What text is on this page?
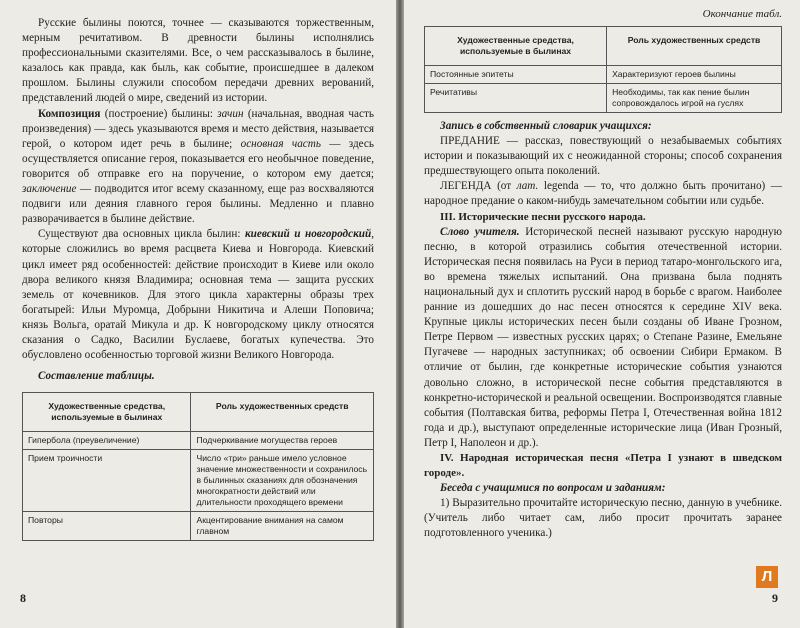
Русские былины поются, точнее — сказываются торжественным, мерным речитативом. В древности былины исполнялись профессиональными сказителями. Все, о чем рассказывалось в былине, казалось как правда, как быль, как событие, происшедшее в далеком прошлом. Былины служили способом передачи древних верований, представлений людей о мире, сведений из истории.

Композиция (построение) былины: зачин (начальная, вводная часть произведения) — здесь указываются время и место действия, называется герой, о котором идет речь в былине; основная часть — здесь осуществляется описание героя, показывается его необычное поведение, говорится об отправке его на поручение, о котором ему дается; заключение — подводится итог всему сказанному, еще раз восхваляются подвиги или деяния главного героя былины. Медленно и плавно разворачивается в былине действие.

Существуют два основных цикла былин: киевский и новгородский, которые сложились во время расцвета Киева и Новгорода. Киевский цикл имеет ряд особенностей: действие происходит в Киеве или около двора великого князя Владимира; основная тема — защита русских земель от кочевников. Для этого цикла характерны образы трех богатырей: Ильи Муромца, Добрыни Никитича и Алеши Поповича; князь Вольга, оратай Микула и др. К новгородскому циклу относятся сказания о Садко, Василии Буслаеве, богатых купечества. Это обусловлено особенностью торговой жизни Великого Новгорода.

Составление таблицы.

Художественные средства, используемые в былинах	Роль художественных средств
Гипербола (преувеличение)	Подчеркивание могущества героев
Прием троичности	Число «три» раньше имело условное значение множественности и сохранилось в былинных сказаниях для обозначения многократности действий или длительности проходящего времени
Повторы	Акцентирование внимания на самом главном
8
Окончание табл.
Художественные средства, используемые в былинах	Роль художественных средств
Постоянные эпитеты	Характеризуют героев былины
Речитативы	Необходимы, так как пение былин сопровождалось игрой на гуслях

Запись в собственный словарик учащихся:

ПРЕДАНИЕ — рассказ, повествующий о незабываемых событиях истории и показывающий их с неожиданной стороны; способ сохранения предшествующего опыта поколений.

ЛЕГЕНДА (от лат. legenda — то, что должно быть прочитано) — народное предание о каком-нибудь замечательном событии или судьбе.

III. Исторические песни русского народа.

Слово учителя. Исторической песней называют русскую народную песню, в которой отразились события отечественной истории. Историческая песня появилась на Руси в период татаро-монгольского ига, во времена тяжелых испытаний. Она призвана была поднять национальный дух и сплотить русский народ в борьбе с врагом. Наиболее ранние из дошедших до нас песен относятся к середине XIV века. Крупные циклы исторических песен были созданы об Иване Грозном, Петре Первом — известных русских царях; о Степане Разине, Емельяне Пугачеве — народных заступниках; об освоении Сибири Ермаком. В отличие от былин, где конкретные исторические события узнаются довольно сложно, в исторической песне события представляются в конкретно-исторической и реальной освещении. Воспроизводятся главные события (Полтавская битва, реформы Петра I, Отечественная война 1812 года и др.), выступают определенные исторические лица (Иван Грозный, Петр I, Наполеон и др.).

IV. Народная историческая песня «Петра I узнают в шведском городе».

Беседа с учащимися по вопросам и заданиям:

1) Выразительно прочитайте историческую песню, данную в учебнике. (Учитель либо читает сам, либо просит прочитать заранее подготовленного ученика.)

Л
9
